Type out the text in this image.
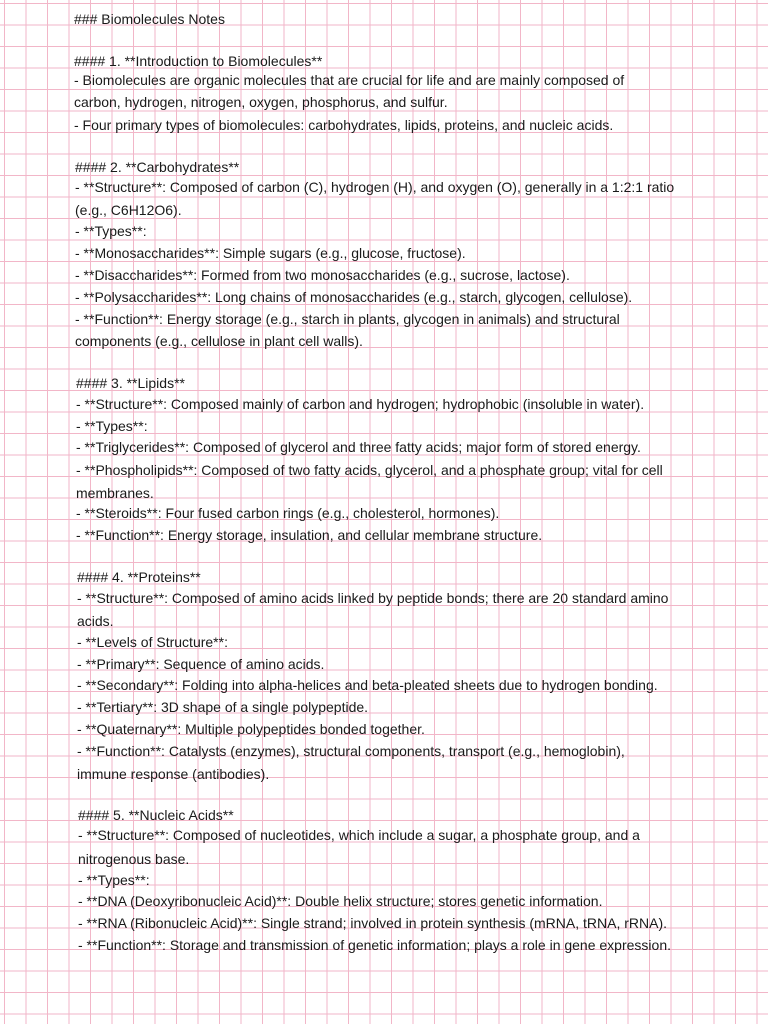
### Biomolecules Notes
#### 1. **Introduction to Biomolecules**
- Biomolecules are organic molecules that are crucial for life and are mainly composed of
carbon, hydrogen, nitrogen, oxygen, phosphorus, and sulfur.
- Four primary types of biomolecules: carbohydrates, lipids, proteins, and nucleic acids.
#### 2. **Carbohydrates**
- **Structure**: Composed of carbon (C), hydrogen (H), and oxygen (O), generally in a 1:2:1 ratio
(e.g., C6H12O6).
- **Types**:
- **Monosaccharides**: Simple sugars (e.g., glucose, fructose).
- **Disaccharides**: Formed from two monosaccharides (e.g., sucrose, lactose).
- **Polysaccharides**: Long chains of monosaccharides (e.g., starch, glycogen, cellulose).
- **Function**: Energy storage (e.g., starch in plants, glycogen in animals) and structural
components (e.g., cellulose in plant cell walls).
#### 3. **Lipids**
- **Structure**: Composed mainly of carbon and hydrogen; hydrophobic (insoluble in water).
- **Types**:
- **Triglycerides**: Composed of glycerol and three fatty acids; major form of stored energy.
- **Phospholipids**: Composed of two fatty acids, glycerol, and a phosphate group; vital for cell
membranes.
- **Steroids**: Four fused carbon rings (e.g., cholesterol, hormones).
- **Function**: Energy storage, insulation, and cellular membrane structure.
#### 4. **Proteins**
- **Structure**: Composed of amino acids linked by peptide bonds; there are 20 standard amino
acids.
- **Levels of Structure**:
- **Primary**: Sequence of amino acids.
- **Secondary**: Folding into alpha-helices and beta-pleated sheets due to hydrogen bonding.
- **Tertiary**: 3D shape of a single polypeptide.
- **Quaternary**: Multiple polypeptides bonded together.
- **Function**: Catalysts (enzymes), structural components, transport (e.g., hemoglobin),
immune response (antibodies).
#### 5. **Nucleic Acids**
- **Structure**: Composed of nucleotides, which include a sugar, a phosphate group, and a
nitrogenous base.
- **Types**:
- **DNA (Deoxyribonucleic Acid)**: Double helix structure; stores genetic information.
- **RNA (Ribonucleic Acid)**: Single strand; involved in protein synthesis (mRNA, tRNA, rRNA).
- **Function**: Storage and transmission of genetic information; plays a role in gene expression.
